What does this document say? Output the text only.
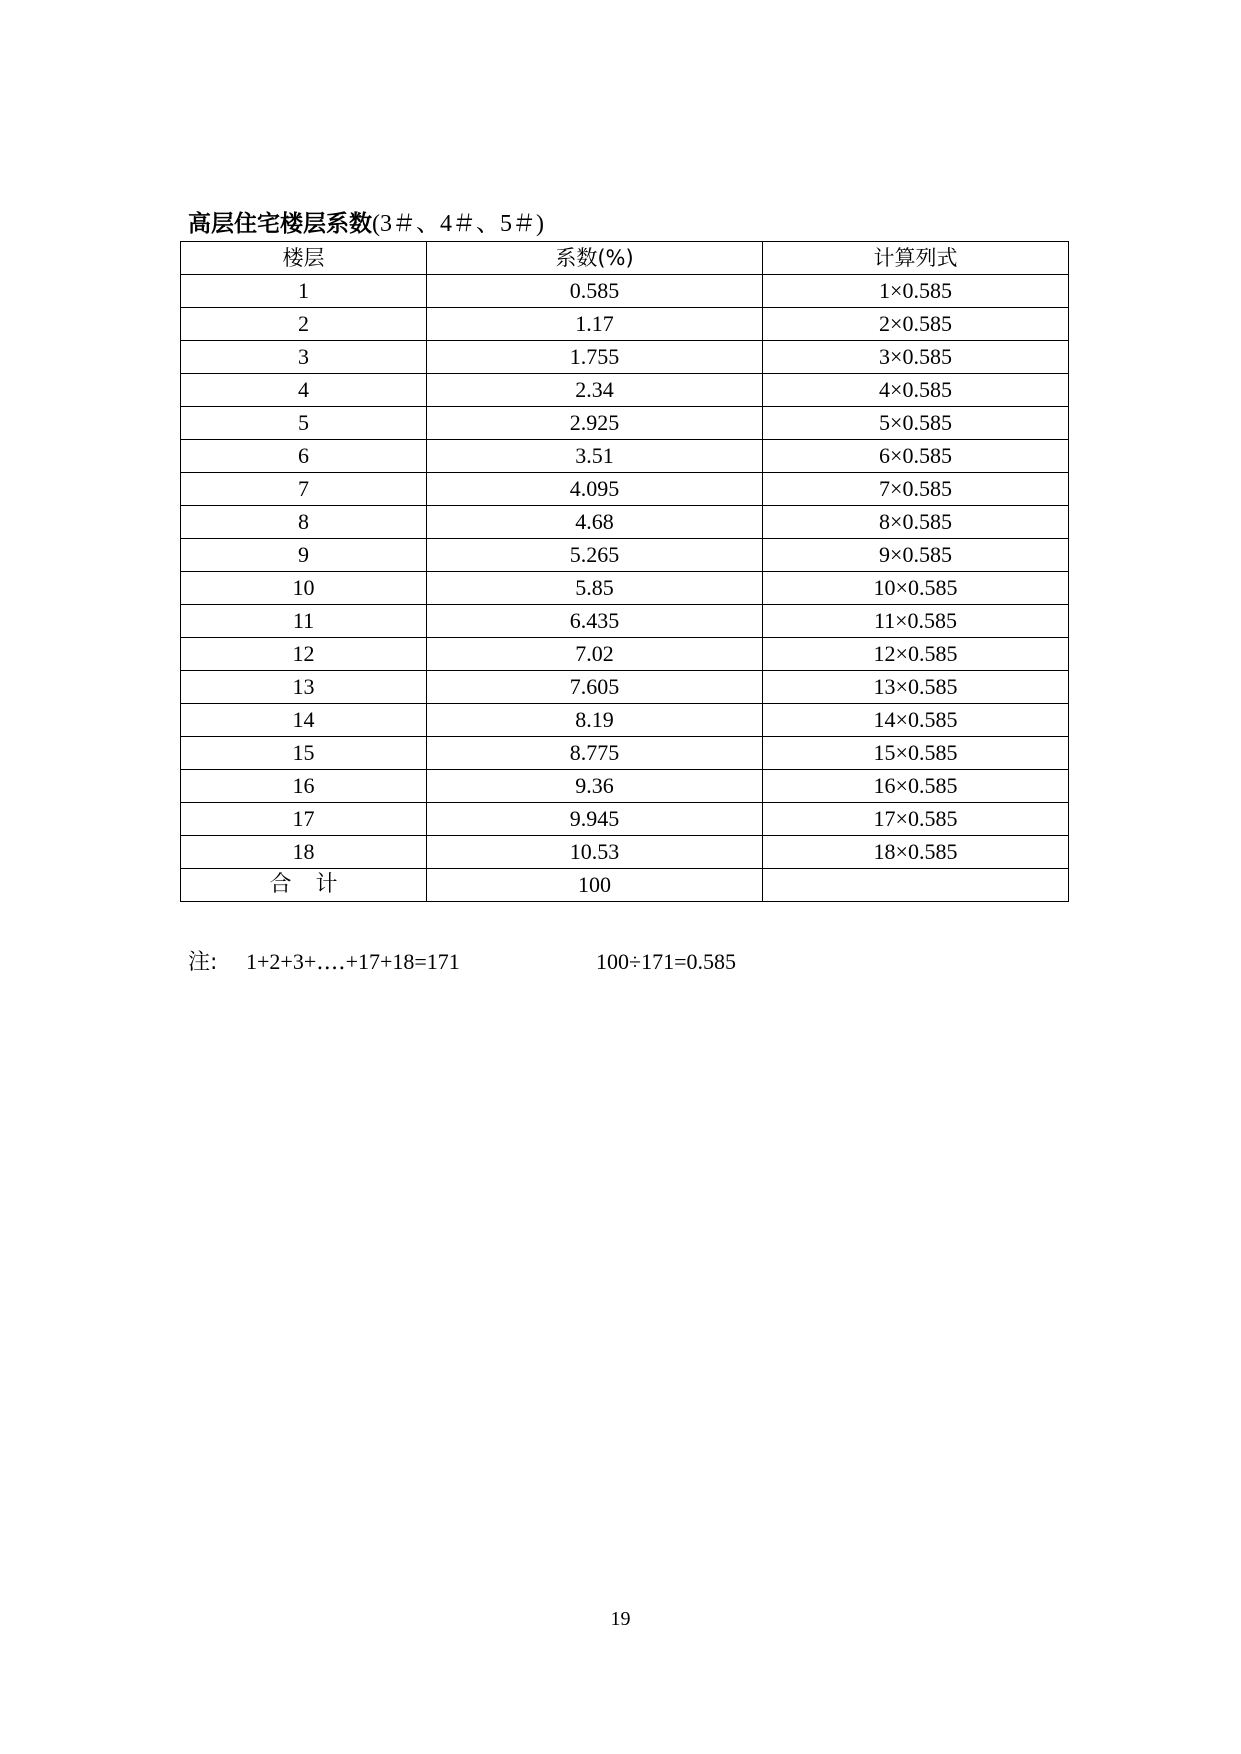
高层住宅楼层系数(3＃、4＃、5＃)
楼层	系数(%)	计算列式
1	0.585	1×0.585
2	1.17	2×0.585
3	1.755	3×0.585
4	2.34	4×0.585
5	2.925	5×0.585
6	3.51	6×0.585
7	4.095	7×0.585
8	4.68	8×0.585
9	5.265	9×0.585
10	5.85	10×0.585
11	6.435	11×0.585
12	7.02	12×0.585
13	7.605	13×0.585
14	8.19	14×0.585
15	8.775	15×0.585
16	9.36	16×0.585
17	9.945	17×0.585
18	10.53	18×0.585
合计	100	
注: 1+2+3+‥‥+17+18=171	100÷171=0.585
19
